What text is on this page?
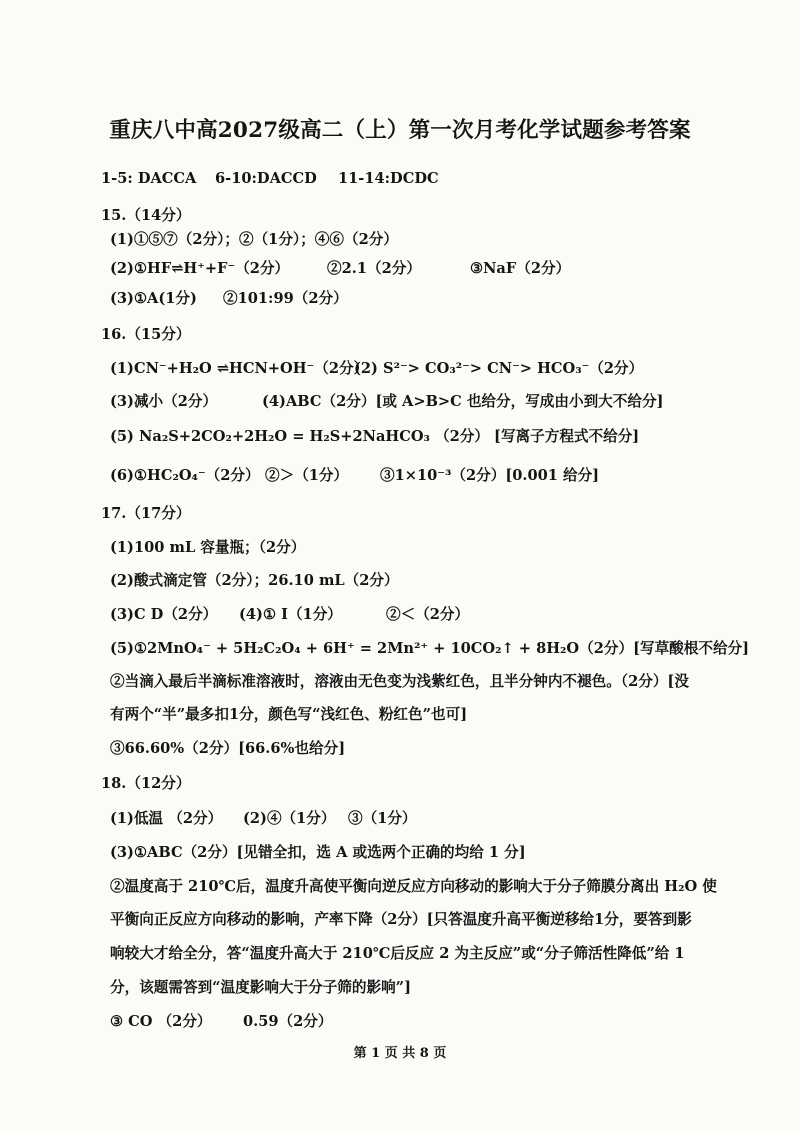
重庆八中高2027级高二（上）第一次月考化学试题参考答案
1-5: DACCA 6-10:DACCD 11-14:DCDC
15.（14分）
(1)①⑤⑦（2分）；②（1分）；④⑥（2分）
(2)①HF⇌H⁺+F⁻（2分）	②2.1（2分）	③NaF（2分）
(3)①A(1分) ②101:99（2分）
16.（15分）
(1)CN⁻+H₂O ⇌HCN+OH⁻（2分）
(2) S²⁻> CO₃²⁻> CN⁻> HCO₃⁻（2分）
(3)减小（2分）	(4)ABC（2分）[或 A>B>C 也给分，写成由小到大不给分]
(5) Na₂S+2CO₂+2H₂O = H₂S+2NaHCO₃ （2分） [写离子方程式不给分]
(6)①HC₂O₄⁻（2分） ②＞（1分） ③1×10⁻³（2分）[0.001 给分]
17.（17分）
(1)100 mL 容量瓶；（2分）
(2)酸式滴定管（2分）；26.10 mL（2分）
(3)C D（2分） (4)① I（1分）	②＜（2分）
(5)①2MnO₄⁻ + 5H₂C₂O₄ + 6H⁺ = 2Mn²⁺ + 10CO₂↑ + 8H₂O（2分）[写草酸根不给分]
②当滴入最后半滴标准溶液时，溶液由无色变为浅紫红色，且半分钟内不褪色。（2分）[没
有两个“半”最多扣1分，颜色写“浅红色、粉红色”也可]
③66.60%（2分）[66.6%也给分]
18.（12分）
(1)低温 （2分） (2)④（1分） ③（1分）
(3)①ABC（2分）[见错全扣，选 A 或选两个正确的均给 1 分]
②温度高于 210℃后，温度升高使平衡向逆反应方向移动的影响大于分子筛膜分离出 H₂O 使
平衡向正反应方向移动的影响，产率下降（2分）[只答温度升高平衡逆移给1分，要答到影
响较大才给全分，答“温度升高大于 210℃后反应 2 为主反应”或“分子筛活性降低”给 1
分，该题需答到“温度影响大于分子筛的影响”]
③ CO （2分） 0.59（2分）
第 1 页 共 8 页
